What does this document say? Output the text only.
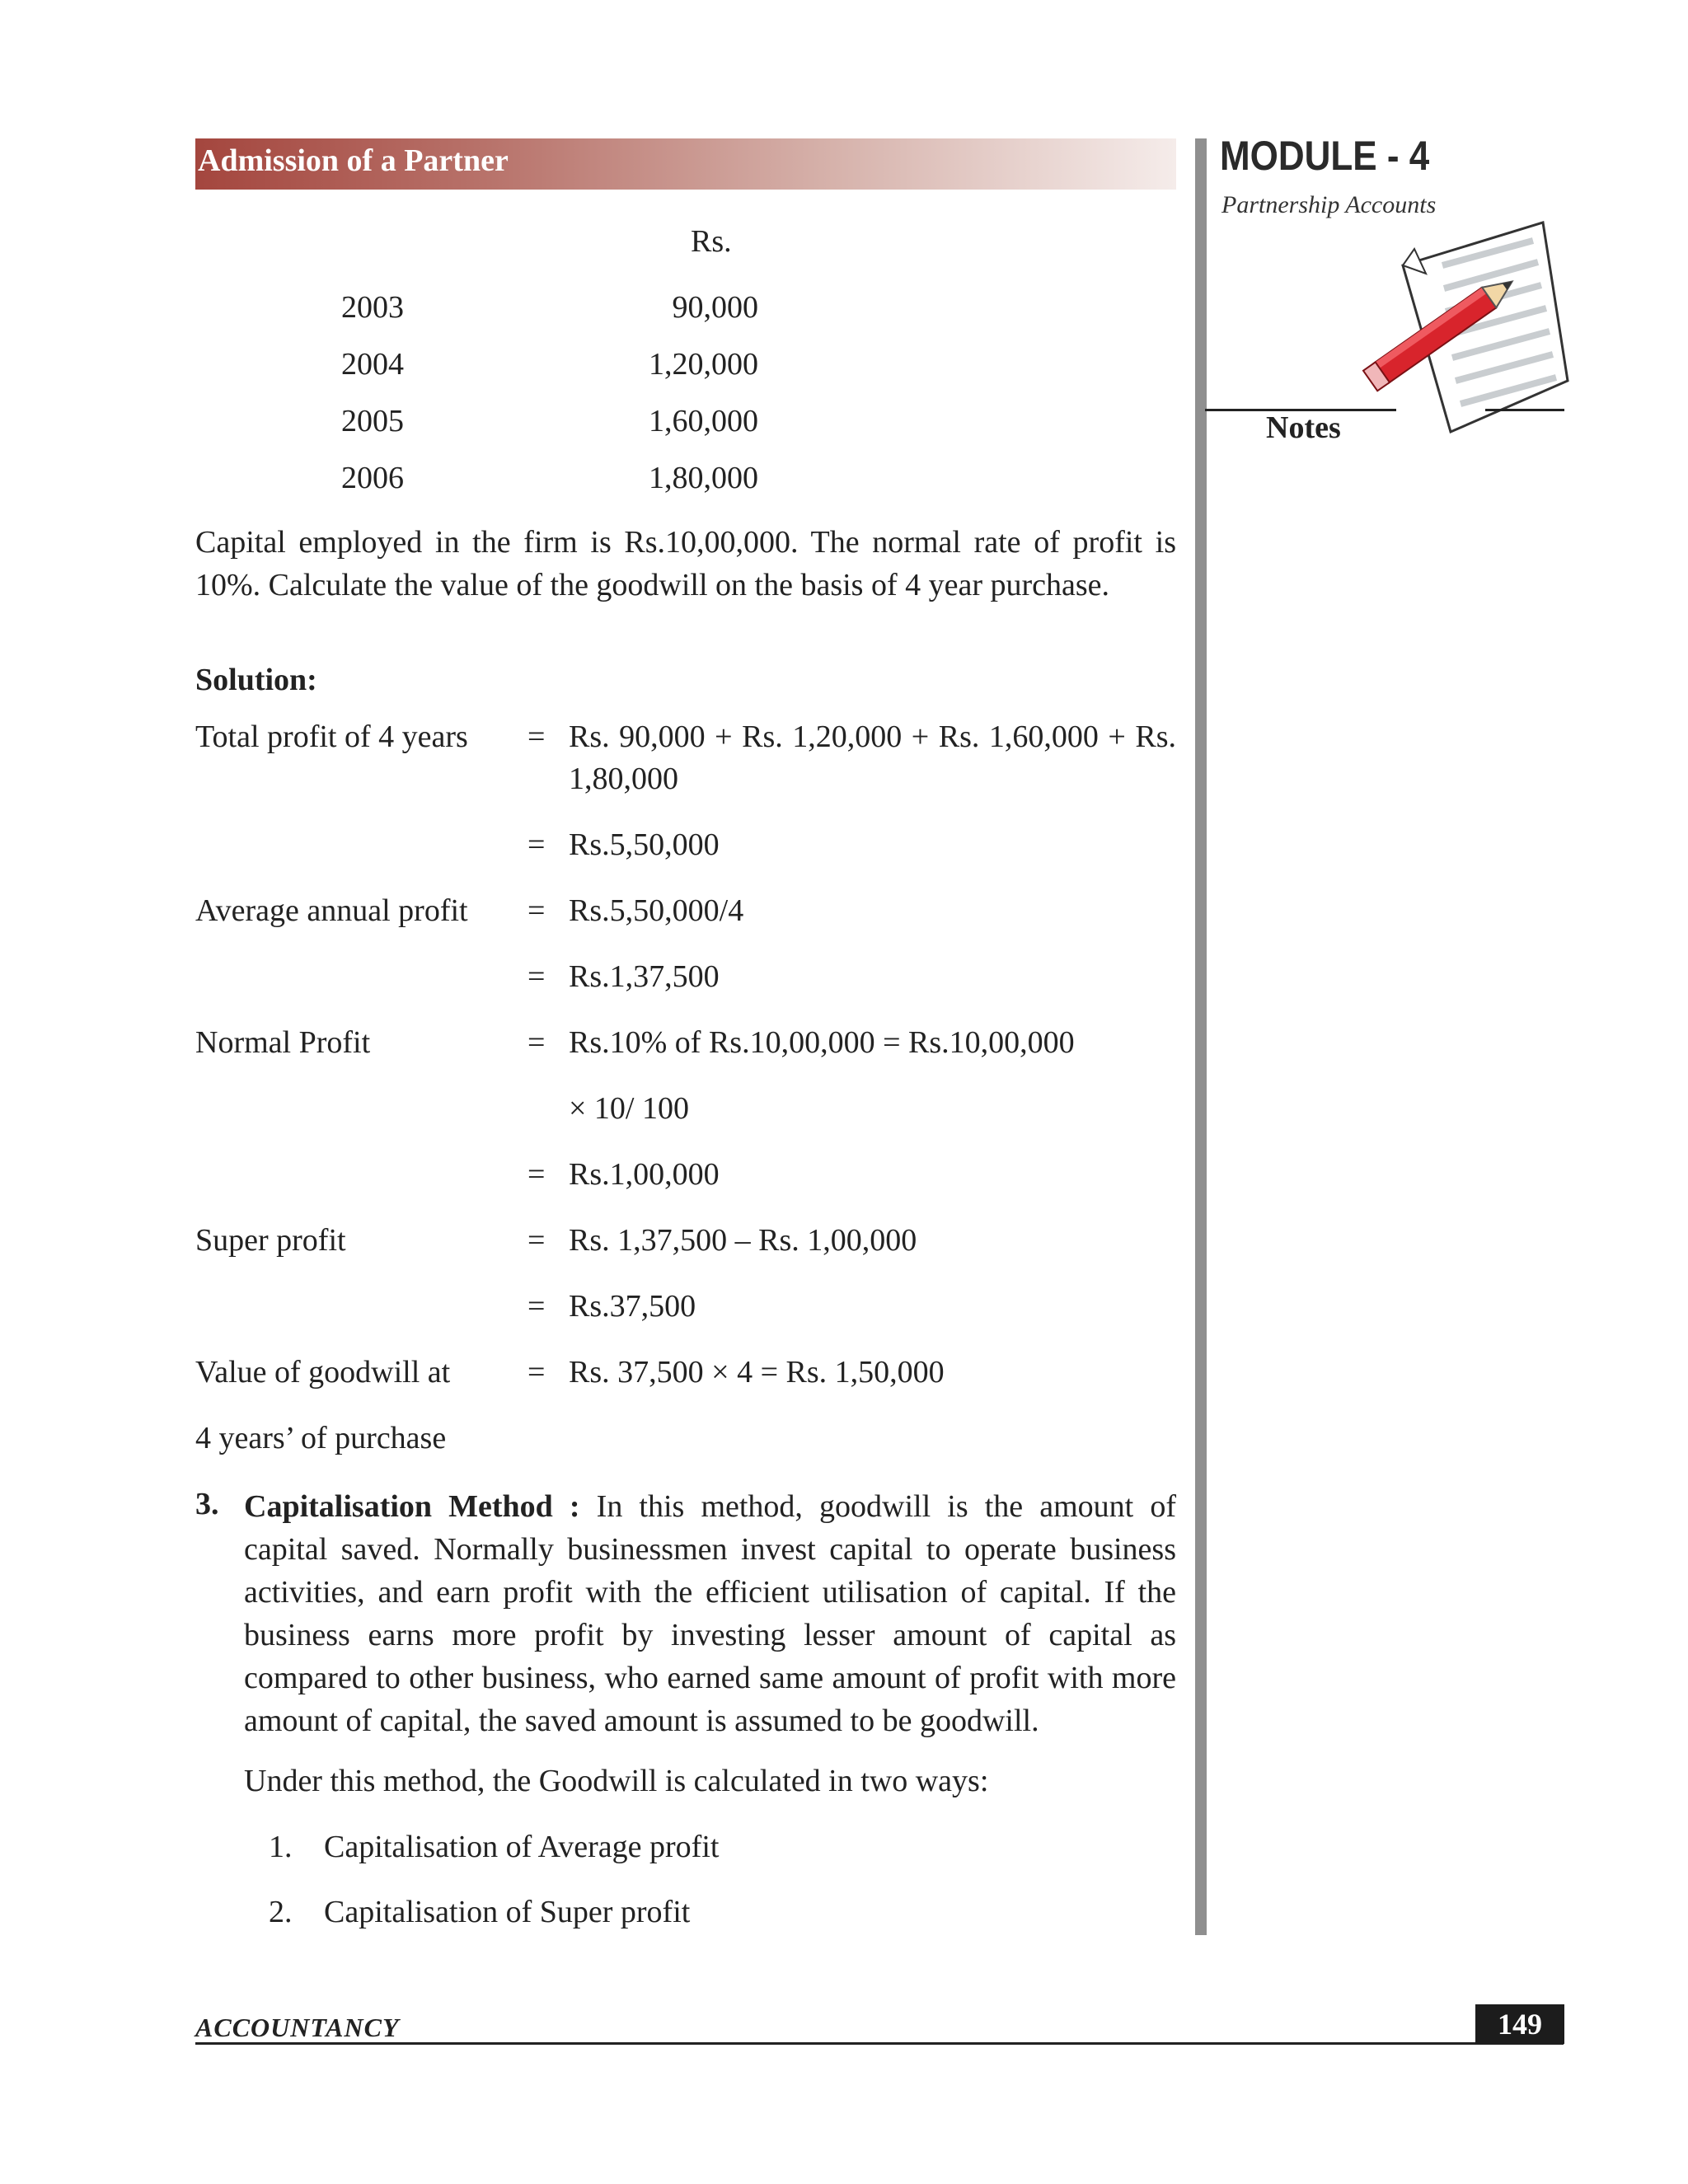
Admission of a Partner	MODULE - 4
Partnership Accounts
Notes
Rs.
2003	90,000
2004	1,20,000
2005	1,60,000
2006	1,80,000
Capital employed in the firm is Rs.10,00,000. The normal rate of profit is 10%. Calculate the value of the goodwill on the basis of 4 year purchase.
Solution:
Total profit of 4 years = Rs. 90,000 + Rs. 1,20,000 + Rs. 1,60,000 + Rs.
1,80,000
= Rs.5,50,000
Average annual profit = Rs.5,50,000/4
= Rs.1,37,500
Normal Profit	= Rs.10% of Rs.10,00,000 = Rs.10,00,000
× 10/ 100
= Rs.1,00,000
Super profit	= Rs. 1,37,500 – Rs. 1,00,000
= Rs.37,500
Value of goodwill at = Rs. 37,500 × 4 = Rs. 1,50,000
4 years’ of purchase
3. Capitalisation Method : In this method, goodwill is the amount of capital saved. Normally businessmen invest capital to operate business activities, and earn profit with the efficient utilisation of capital. If the business earns more profit by investing lesser amount of capital as compared to other business, who earned same amount of profit with more amount of capital, the saved amount is assumed to be goodwill.
Under this method, the Goodwill is calculated in two ways:
1. Capitalisation of Average profit
2. Capitalisation of Super profit
ACCOUNTANCY	149
